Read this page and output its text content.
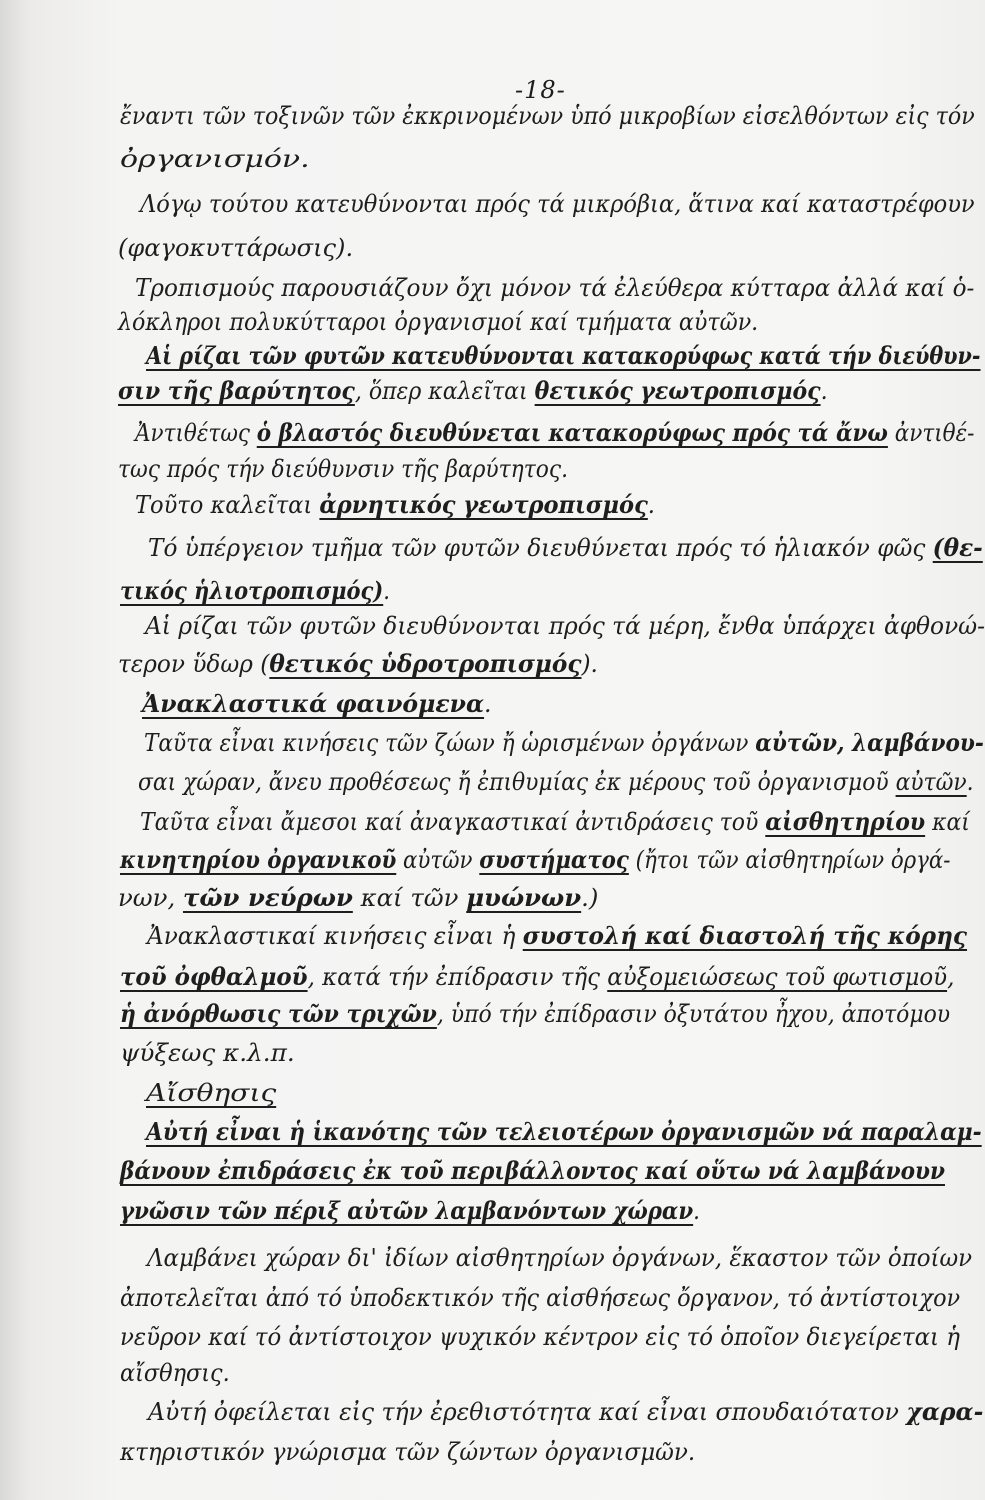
-18-
ἔναντι τῶν τοξινῶν τῶν ἐκκρινομένων ὑπό μικροβίων εἰσελθόντων εἰς τόν
ὀργανισμόν.
Λόγῳ τούτου κατευθύνονται πρός τά μικρόβια, ἅτινα καί καταστρέφουν
(φαγοκυττάρωσις).
Τροπισμούς παρουσιάζουν ὄχι μόνον τά ἐλεύθερα κύτταρα ἀλλά καί ὁ-
λόκληροι πολυκύτταροι ὀργανισμοί καί τμήματα αὐτῶν.
Αἱ ρίζαι τῶν φυτῶν κατευθύνονται κατακορύφως κατά τήν διεύθυν-
σιν τῆς βαρύτητος, ὅπερ καλεῖται θετικός γεωτροπισμός.
Ἀντιθέτως ὁ βλαστός διευθύνεται κατακορύφως πρός τά ἄνω ἀντιθέ-
τως πρός τήν διεύθυνσιν τῆς βαρύτητος.
Τοῦτο καλεῖται ἀρνητικός γεωτροπισμός.
Τό ὑπέργειον τμῆμα τῶν φυτῶν διευθύνεται πρός τό ἡλιακόν φῶς (θε-
τικός ἡλιοτροπισμός).
Αἱ ρίζαι τῶν φυτῶν διευθύνονται πρός τά μέρη, ἔνθα ὑπάρχει ἀφθονώ-
τερον ὕδωρ (θετικός ὑδροτροπισμός).
Ἀνακλαστικά φαινόμενα.
Ταῦτα εἶναι κινήσεις τῶν ζώων ἤ ὡρισμένων ὀργάνων αὐτῶν, λαμβάνου-
σαι χώραν, ἄνευ προθέσεως ἤ ἐπιθυμίας ἐκ μέρους τοῦ ὀργανισμοῦ αὐτῶν.
Ταῦτα εἶναι ἄμεσοι καί ἀναγκαστικαί ἀντιδράσεις τοῦ αἰσθητηρίου καί
κινητηρίου ὀργανικοῦ αὐτῶν συστήματος (ἤτοι τῶν αἰσθητηρίων ὀργά-
νων, τῶν νεύρων καί τῶν μυώνων.)
Ἀνακλαστικαί κινήσεις εἶναι ἡ συστολή καί διαστολή τῆς κόρης
τοῦ ὀφθαλμοῦ, κατά τήν ἐπίδρασιν τῆς αὐξομειώσεως τοῦ φωτισμοῦ,
ἡ ἀνόρθωσις τῶν τριχῶν, ὑπό τήν ἐπίδρασιν ὀξυτάτου ἦχου, ἀποτόμου
ψύξεως κ.λ.π.
Αἴσθησις
Αὐτή εἶναι ἡ ἱκανότης τῶν τελειοτέρων ὀργανισμῶν νά παραλαμ-
βάνουν ἐπιδράσεις ἐκ τοῦ περιβάλλοντος καί οὕτω νά λαμβάνουν
γνῶσιν τῶν πέριξ αὐτῶν λαμβανόντων χώραν.
Λαμβάνει χώραν δι' ἰδίων αἰσθητηρίων ὀργάνων, ἕκαστον τῶν ὁποίων
ἀποτελεῖται ἀπό τό ὑποδεκτικόν τῆς αἰσθήσεως ὄργανον, τό ἀντίστοιχον
νεῦρον καί τό ἀντίστοιχον ψυχικόν κέντρον εἰς τό ὁποῖον διεγείρεται ἡ
αἴσθησις.
Αὐτή ὀφείλεται εἰς τήν ἐρεθιστότητα καί εἶναι σπουδαιότατον χαρα-
κτηριστικόν γνώρισμα τῶν ζώντων ὀργανισμῶν.
